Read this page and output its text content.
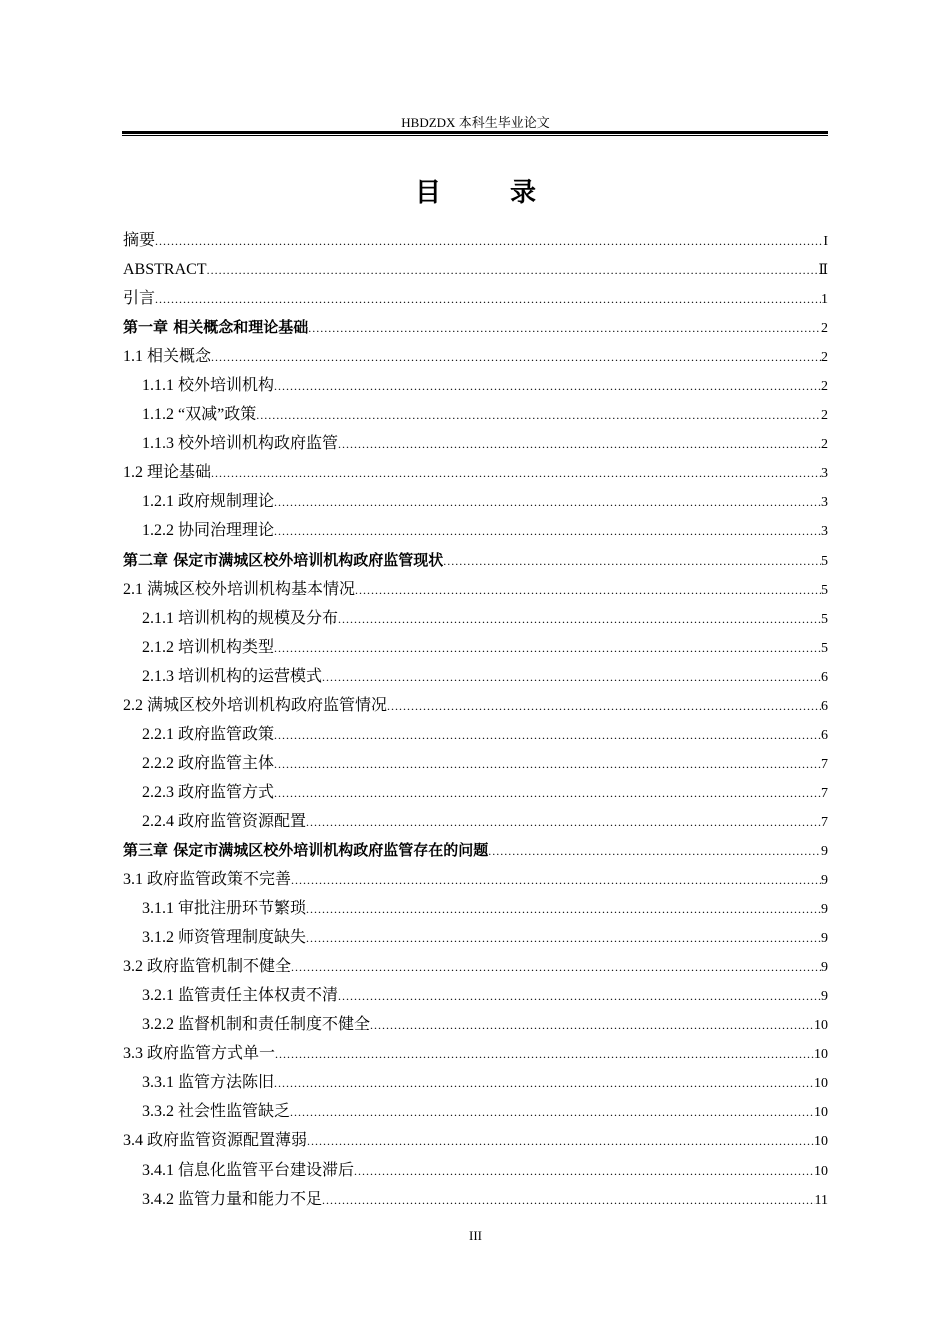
HBDZDX 本科生毕业论文
目 录
摘要 .....	I
ABSTRACT .....	Ⅱ
引言 .....	1
第一章 相关概念和理论基础 .....	2
1.1 相关概念 .....	2
1.1.1 校外培训机构 .....	2
1.1.2 “双减”政策 .....	2
1.1.3 校外培训机构政府监管 .....	2
1.2 理论基础 .....	3
1.2.1 政府规制理论 .....	3
1.2.2 协同治理理论 .....	3
第二章 保定市满城区校外培训机构政府监管现状 .....	5
2.1 满城区校外培训机构基本情况 .....	5
2.1.1 培训机构的规模及分布 .....	5
2.1.2 培训机构类型 .....	5
2.1.3 培训机构的运营模式 .....	6
2.2 满城区校外培训机构政府监管情况 .....	6
2.2.1 政府监管政策 .....	6
2.2.2 政府监管主体 .....	7
2.2.3 政府监管方式 .....	7
2.2.4 政府监管资源配置 .....	7
第三章 保定市满城区校外培训机构政府监管存在的问题 .....	9
3.1 政府监管政策不完善 .....	9
3.1.1 审批注册环节繁琐 .....	9
3.1.2 师资管理制度缺失 .....	9
3.2 政府监管机制不健全 .....	9
3.2.1 监管责任主体权责不清 .....	9
3.2.2 监督机制和责任制度不健全 .....	10
3.3 政府监管方式单一 .....	10
3.3.1 监管方法陈旧 .....	10
3.3.2 社会性监管缺乏 .....	10
3.4 政府监管资源配置薄弱 .....	10
3.4.1 信息化监管平台建设滞后 .....	10
3.4.2 监管力量和能力不足 .....	11
III
